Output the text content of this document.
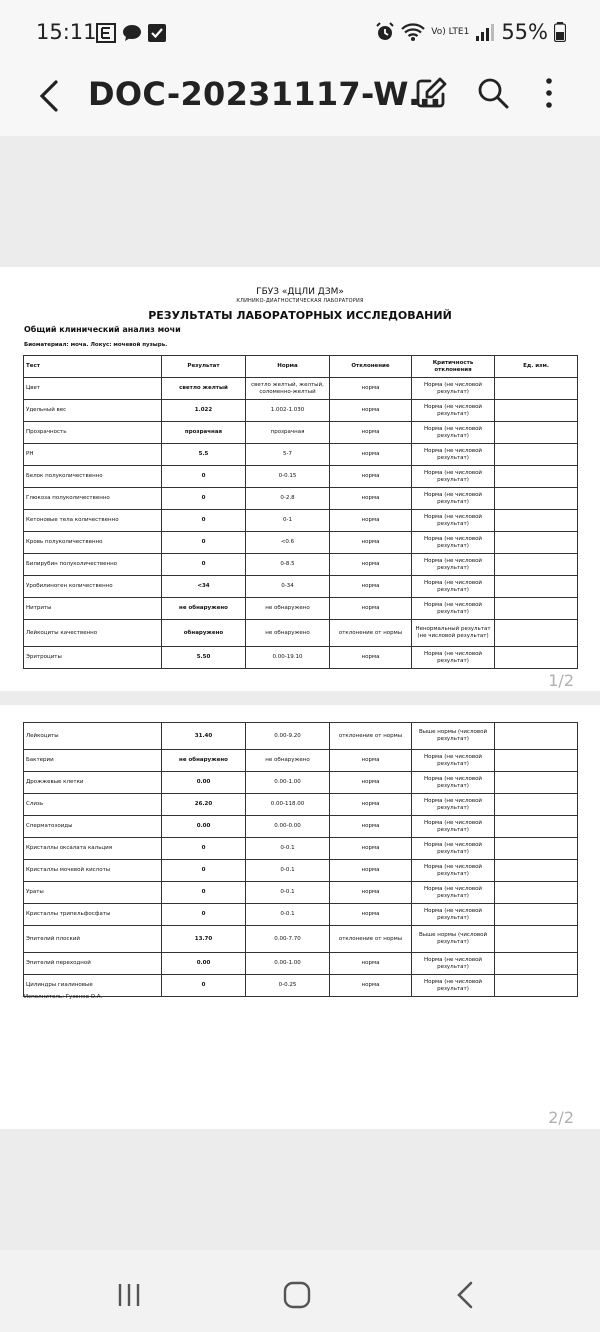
15:11	Vo) LTE1 55%
DOC-20231117-W…
ГБУЗ «ДЦЛИ ДЗМ»
КЛИНИКО-ДИАГНОСТИЧЕСКАЯ ЛАБОРАТОРИЯ
РЕЗУЛЬТАТЫ ЛАБОРАТОРНЫХ ИССЛЕДОВАНИЙ
Общий клинический анализ мочи
Биоматериал: моча. Локус: мочевой пузырь.
Тест	Результат	Норма	Отклонение	Критичность отклонения	Ед. изм.
Цвет	светло желтый	светло желтый, желтый, соломенно-желтый	норма	Норма (не числовой результат)	
Удельный вес	1.022	1.002-1.030	норма	Норма (не числовой результат)	
Прозрачность	прозрачная	прозрачная	норма	Норма (не числовой результат)	
PH	5.5	5-7	норма	Норма (не числовой результат)	
Белок полуколичественно	0	0-0.15	норма	Норма (не числовой результат)	
Глюкоза полуколичественно	0	0-2.8	норма	Норма (не числовой результат)	
Кетоновые тела количественно	0	0-1	норма	Норма (не числовой результат)	
Кровь полуколичественно	0	<0.6	норма	Норма (не числовой результат)	
Билирубин полуколичественно	0	0-8.5	норма	Норма (не числовой результат)	
Уробилиноген количественно	<34	0-34	норма	Норма (не числовой результат)	
Нитриты	не обнаружено	не обнаружено	норма	Норма (не числовой результат)	
Лейкоциты качественно	обнаружено	не обнаружено	отклонение от нормы	Ненормальный результат (не числовой результат)	
Эритроциты	5.50	0.00-19.10	норма	Норма (не числовой результат)	
1/2
Лейкоциты	31.40	0.00-9.20	отклонение от нормы	Выше нормы (числовой результат)	
Бактерии	не обнаружено	не обнаружено	норма	Норма (не числовой результат)	
Дрожжевые клетки	0.00	0.00-1.00	норма	Норма (не числовой результат)	
Слизь	26.20	0.00-118.00	норма	Норма (не числовой результат)	
Сперматозоиды	0.00	0.00-0.00	норма	Норма (не числовой результат)	
Кристаллы оксалата кальция	0	0-0.1	норма	Норма (не числовой результат)	
Кристаллы мочевой кислоты	0	0-0.1	норма	Норма (не числовой результат)	
Ураты	0	0-0.1	норма	Норма (не числовой результат)	
Кристаллы трипельфосфаты	0	0-0.1	норма	Норма (не числовой результат)	
Эпителий плоский	13.70	0.00-7.70	отклонение от нормы	Выше нормы (числовой результат)	
Эпителий переходной	0.00	0.00-1.00	норма	Норма (не числовой результат)	
Цилиндры гиалиновые	0	0-0.25	норма	Норма (не числовой результат)	
Исполнитель: Гузенко О.А.
2/2
